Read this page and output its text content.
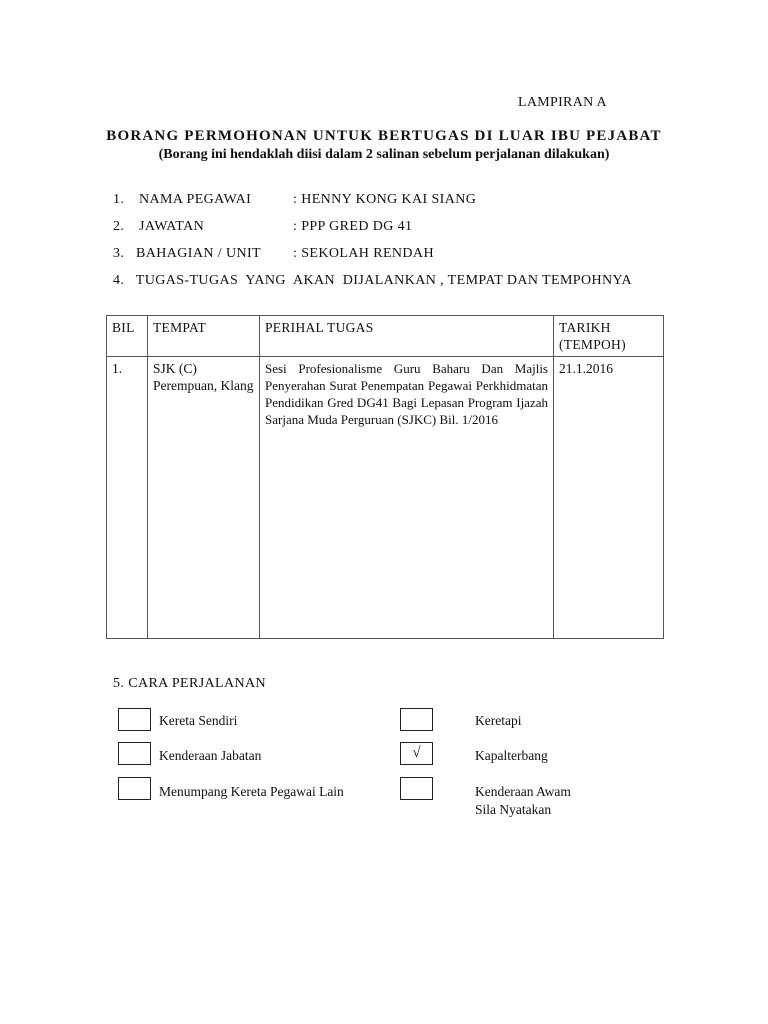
LAMPIRAN A
BORANG PERMOHONAN UNTUK BERTUGAS DI LUAR IBU PEJABAT
(Borang ini hendaklah diisi dalam 2 salinan sebelum perjalanan dilakukan)
1. NAMA PEGAWAI	: HENNY KONG KAI SIANG
2. JAWATAN	: PPP GRED DG 41
3. BAHAGIAN / UNIT : SEKOLAH RENDAH
4.   TUGAS-TUGAS  YANG  AKAN  DIJALANKAN , TEMPAT DAN TEMPOHNYA
BIL	TEMPAT	PERIHAL TUGAS	TARIKH (TEMPOH)
1.	SJK (C) Perempuan, Klang	Sesi Profesionalisme Guru Baharu Dan Majlis Penyerahan Surat Penempatan Pegawai Perkhidmatan Pendidikan Gred DG41 Bagi Lepasan Program Ijazah Sarjana Muda Perguruan (SJKC) Bil. 1/2016	21.1.2016
5. CARA PERJALANAN
Kereta Sendiri
Kenderaan Jabatan
Menumpang Kereta Pegawai Lain
Keretapi
√	Kapalterbang
Kenderaan Awam
Sila Nyatakan
